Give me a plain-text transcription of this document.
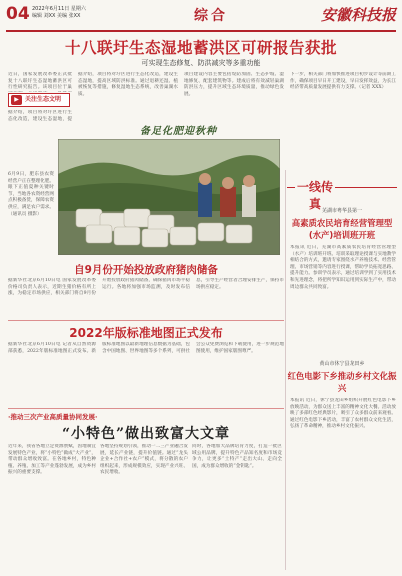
04 2022年6月11日 星期六
编辑 刘XX 美编 张XX	综合	安徽科技报
十八联圩生态湿地蓄洪区可研报告获批
可实现生态修复、防洪减灾等多重功能
近日，国家发展改革委正式批复十八联圩生态湿地蓄洪区可行性研究报告。该项目位于巢
▶	关注生态文明
据介绍，项目将对圩区进行生态化改造，建设生态湿地，提
据介绍，项目将对圩区进行生态化改造，建设生态湿地，提高区域防洪标准。通过退耕还湿、植被恢复等措施，修复湿地生态系统，改善巢湖水质。
项目建设内容主要包括堤防加固、生态护坡、湿地修复、配套建筑物等。建成后将有效减轻巢湖防洪压力，提升区域生态环境质量，推动绿色发展。
下一步，相关部门将加快推进项目初步设计等前期工作，确保项目早日开工建设，早日发挥效益，为长江经济带高质量发展提供有力支撑。（记者 XXX）
备足化肥迎秋种
6月9日，肥东县农资经营户正在整理化肥。眼下正值夏种关键时节，当地各农资经营网点积极备货，保障农资供应，满足农户需求。（通讯员 摄影）
一线传真 芜湖市粤华县第一
高素质农民培育经营管理型(水产)培训班开班
本报讯 近日，芜湖市高素质农民培育经营管理型（水产）培训班开班。培训采取理论授课与实地教学相结合的方式，邀请专家围绕水产养殖技术、经营管理、市场营销等内容进行授课，帮助学员拓宽思路、提升能力。参训学员表示，通过培训学到了实用技术和先进理念，将把所学知识运用到实际生产中，带动周边群众共同致富。
黄山市休宁县龙田乡
红色电影下乡推动乡村文化振兴
本报讯 近日，休宁县龙田乡组织开展红色电影下乡放映活动，为群众送上丰富的精神文化大餐。活动放映了多部红色经典影片，吸引了众多群众前来观看。通过红色电影下乡活动，丰富了农村群众文化生活，弘扬了革命精神，推动乡村文化振兴。
自9月份开始投放政府猪肉储备
据新华社北京6月10日电 国家发展改革委价格司负责人表示，近期生猪价格有所上涨，为稳定市场供应，相关部门将自9月份开始投放政府猪肉储备，确保猪肉市场平稳运行。各地将加强市场监测，及时发布信息，引导生产经营者合理安排生产，保持市场供应稳定。
2022年版标准地图正式发布
据新华社北京6月10日电 记者从自然资源部获悉，2022年版标准地图正式发布。新版标准地图以最新地理信息数据为基础，包含中国地图、世界地图等多个系列，可供社会公众免费浏览和下载使用，进一步规范地图使用，维护国家版图尊严。
·推动三次产业高质量协同发展·
“小特色”做出致富大文章
近年来，我省各地立足资源禀赋，因地制宜发展特色产业，将“小特色”做成“大产业”，带动群众增收致富。在各地乡村，特色种植、养殖、加工等产业蓬勃发展，成为乡村振兴的重要支撑。
各地坚持规划引领，推动一二三产业融合发展，延长产业链，提升价值链。通过“龙头企业+合作社+农户”模式，将分散的农户组织起来，形成规模效应，实现产业兴旺、农民增收。
同时，各地加大品牌培育力度，打造一批区域公用品牌，提升特色产品知名度和市场竞争力，让更多“土特产”走出大山、走向全国，成为群众增收的“金钥匙”。
